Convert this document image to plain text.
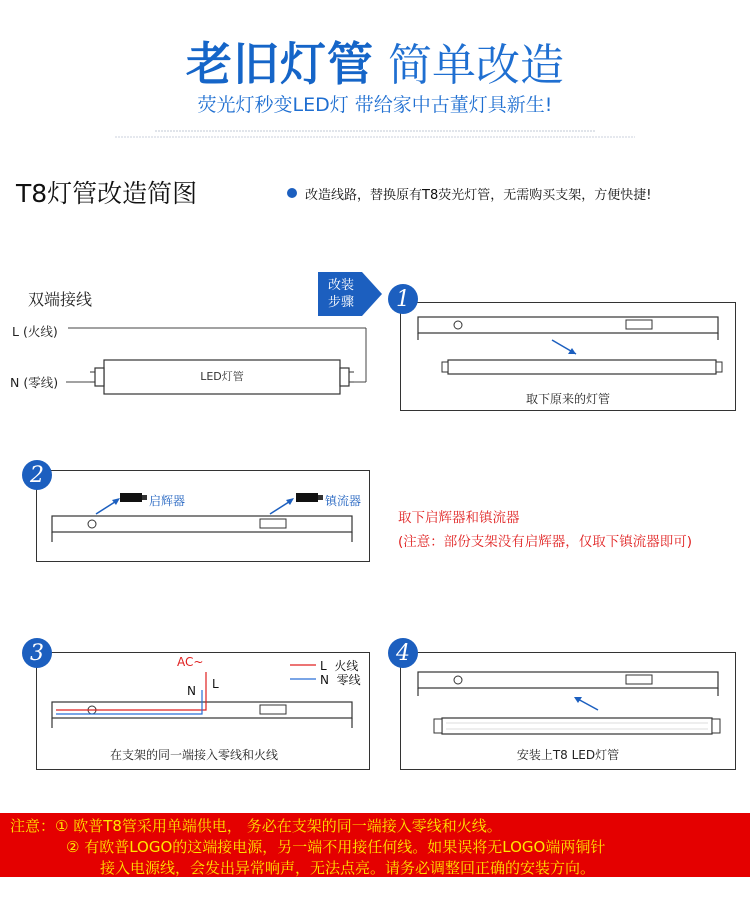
老旧灯管 简单改造
荧光灯秒变LED灯 带给家中古董灯具新生!
T8灯管改造简图	改造线路，替换原有T8荧光灯管，无需购买支架，方便快捷!
双端接线
L (火线)
N (零线)	LED灯管
改装
步骤	1
取下原来的灯管
2
启辉器	镇流器
取下启辉器和镇流器
(注意：部份支架没有启辉器，仅取下镇流器即可)
3	AC~
N L
L  火线
N  零线
在支架的同一端接入零线和火线
4
安装上T8 LED灯管
注意：① 欧普T8管采用单端供电， 务必在支架的同一端接入零线和火线。
② 有欧普LOGO的这端接电源，另一端不用接任何线。如果误将无LOGO端两铜针
接入电源线，会发出异常响声，无法点亮。请务必调整回正确的安装方向。
